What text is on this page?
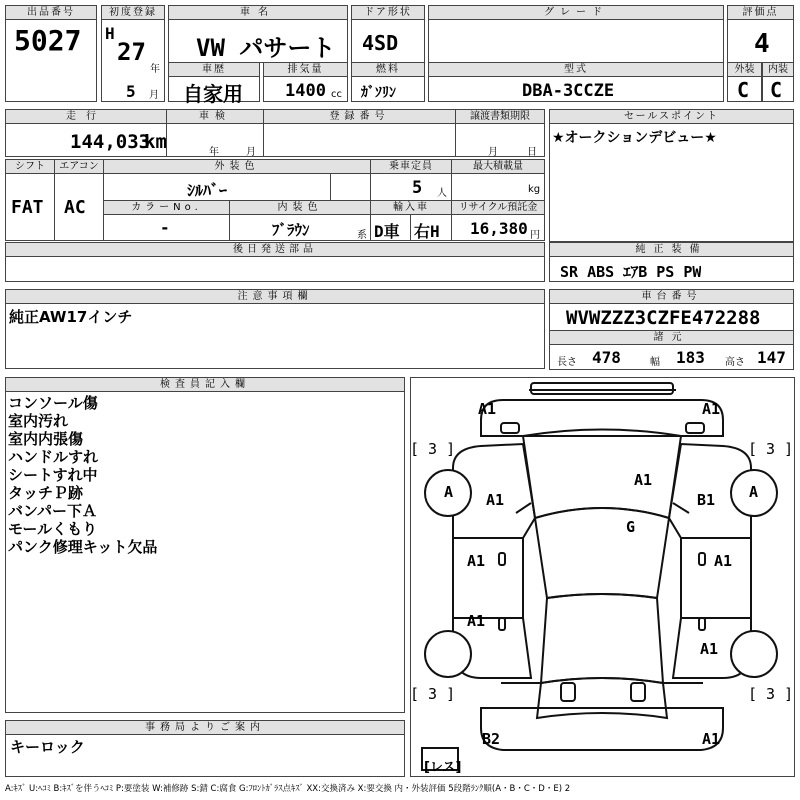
出品番号
5027
初度登録
H
27
年
5 月
車名
VW パサート
ドア形状
4SD
グレード	評価点
4
車歴
自家用
排気量
1400 cc
燃料
ｶﾞｿﾘﾝ
型式
DBA-3CCZE
外装
C
内装
C
走行
144,033
km
車検
年	月
登録番号	譲渡書類期限
月	日
セールスポイント
★オークションデビュー★
シフト
FAT
エアコン
AC
外装色
ｼﾙﾊﾞｰ
乗車定員
5 人
最大積載量
kg
カラーNo.
-
内装色
ﾌﾞﾗｳﾝ	系
輸入車
D車 右H
リサイクル預託金
16,380 円
後日発送部品	純正装備
SR ABS ｴｱB PS PW
注意事項欄
純正AW17インチ
車台番号
WVWZZZ3CZFE472288
諸元
長さ 478	幅 183 高さ 147
検査員記入欄
コンソール傷
室内汚れ
室内内張傷
ハンドルすれ
シートすれ中
タッチＰ跡
バンパー下Ａ
モールくもり
パンク修理キット欠品
事務局よりご案内
キーロック
[ 3 ]	[ 3 ]
[ 3 ]	[ 3 ]
[レス]
A1	A1
A	A
A1
A1
B1
G
A1	A1
A1
A1
B2	A1
A:ｷｽﾞ U:ﾍｺﾐ B:ｷｽﾞを伴うﾍｺﾐ P:要塗装 W:補修跡 S:錆 C:腐食 G:ﾌﾛﾝﾄｶﾞﾗｽ点ｷｽﾞ XX:交換済み X:要交換 内・外装評価 5段階ﾗﾝｸ順(A・B・C・D・E) 2
